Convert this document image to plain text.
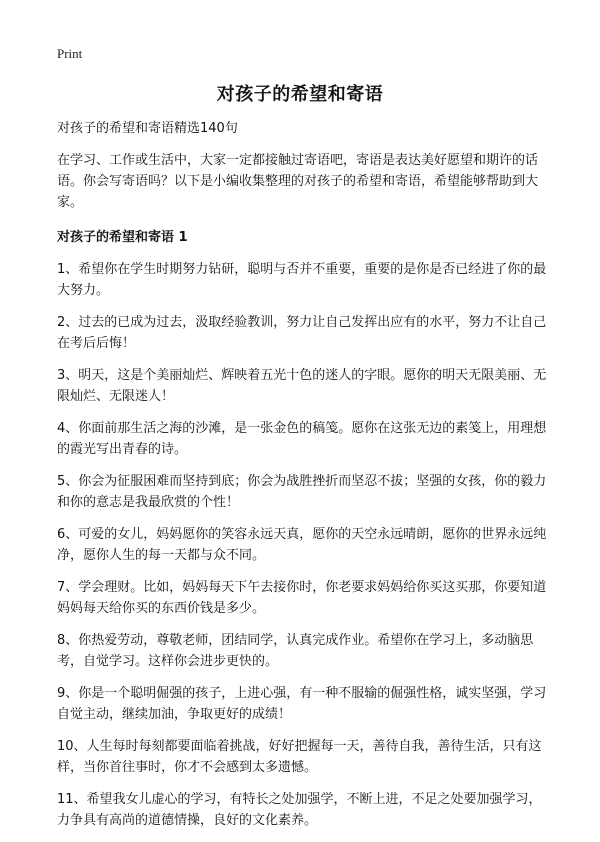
Print
对孩子的希望和寄语

对孩子的希望和寄语精选140句

在学习、工作或生活中，大家一定都接触过寄语吧，寄语是表达美好愿望和期许的话语。你会写寄语吗？以下是小编收集整理的对孩子的希望和寄语，希望能够帮助到大家。

对孩子的希望和寄语 1

1、希望你在学生时期努力钻研，聪明与否并不重要，重要的是你是否已经进了你的最大努力。

2、过去的已成为过去，汲取经验教训，努力让自己发挥出应有的水平，努力不让自己在考后后悔！

3、明天，这是个美丽灿烂、辉映着五光十色的迷人的字眼。愿你的明天无限美丽、无限灿烂、无限迷人！

4、你面前那生活之海的沙滩，是一张金色的稿笺。愿你在这张无边的素笺上，用理想的霞光写出青春的诗。

5、你会为征服困难而坚持到底；你会为战胜挫折而坚忍不拔；坚强的女孩，你的毅力和你的意志是我最欣赏的个性！

6、可爱的女儿，妈妈愿你的笑容永远天真，愿你的天空永远晴朗，愿你的世界永远纯净，愿你人生的每一天都与众不同。

7、学会理财。比如，妈妈每天下午去接你时，你老要求妈妈给你买这买那，你要知道妈妈每天给你买的东西价钱是多少。

8、你热爱劳动，尊敬老师，团结同学，认真完成作业。希望你在学习上，多动脑思考，自觉学习。这样你会进步更快的。

9、你是一个聪明倔强的孩子，上进心强，有一种不服输的倔强性格，诚实坚强，学习自觉主动，继续加油，争取更好的成绩！

10、人生每时每刻都要面临着挑战，好好把握每一天，善待自我，善待生活，只有这样，当你首往事时，你才不会感到太多遗憾。

11、希望我女儿虚心的学习，有特长之处加强学，不断上进，不足之处要加强学习，力争具有高尚的道德情操，良好的文化素养。
